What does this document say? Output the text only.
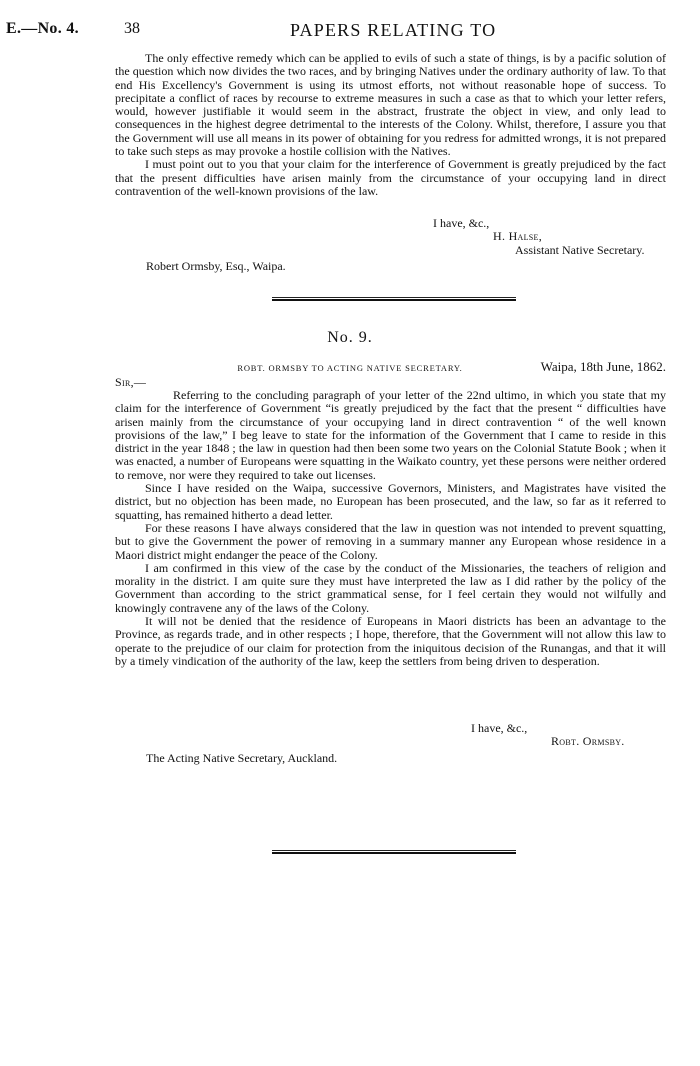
E.—No. 4.	38	PAPERS RELATING TO

The only effective remedy which can be applied to evils of such a state of things, is by a pacific solution of the question which now divides the two races, and by bringing Natives under the ordinary authority of law. To that end His Excellency's Government is using its utmost efforts, not without reasonable hope of success. To precipitate a conflict of races by recourse to extreme measures in such a case as that to which your letter refers, would, however justifiable it would seem in the abstract, frustrate the object in view, and only lead to consequences in the highest degree detrimental to the interests of the Colony. Whilst, therefore, I assure you that the Government will use all means in its power of obtaining for you redress for admitted wrongs, it is not prepared to take such steps as may provoke a hostile collision with the Natives.

I must point out to you that your claim for the interference of Government is greatly prejudiced by the fact that the present difficulties have arisen mainly from the circumstance of your occupying land in direct contravention of the well-known provisions of the law.

I have, &c.,
H. Halse,
Assistant Native Secretary.
Robert Ormsby, Esq., Waipa.
No. 9.
ROBT. ORMSBY TO ACTING NATIVE SECRETARY.	Waipa, 18th June, 1862.
Sir,—

Referring to the concluding paragraph of your letter of the 22nd ultimo, in which you state that my claim for the interference of Government “is greatly prejudiced by the fact that the present “ difficulties have arisen mainly from the circumstance of your occupying land in direct contravention “ of the well known provisions of the law,” I beg leave to state for the information of the Government that I came to reside in this district in the year 1848 ; the law in question had then been some two years on the Colonial Statute Book ; when it was enacted, a number of Europeans were squatting in the Waikato country, yet these persons were neither ordered to remove, nor were they required to take out licenses.

Since I have resided on the Waipa, successive Governors, Ministers, and Magistrates have visited the district, but no objection has been made, no European has been prosecuted, and the law, so far as it referred to squatting, has remained hitherto a dead letter.

For these reasons I have always considered that the law in question was not intended to prevent squatting, but to give the Government the power of removing in a summary manner any European whose residence in a Maori district might endanger the peace of the Colony.

I am confirmed in this view of the case by the conduct of the Missionaries, the teachers of religion and morality in the district. I am quite sure they must have interpreted the law as I did rather by the policy of the Government than according to the strict grammatical sense, for I feel certain they would not wilfully and knowingly contravene any of the laws of the Colony.

It will not be denied that the residence of Europeans in Maori districts has been an advantage to the Province, as regards trade, and in other respects ; I hope, therefore, that the Government will not allow this law to operate to the prejudice of our claim for protection from the iniquitous decision of the Runangas, and that it will by a timely vindication of the authority of the law, keep the settlers from being driven to desperation.

I have, &c.,
Robt. Ormsby.
The Acting Native Secretary, Auckland.
